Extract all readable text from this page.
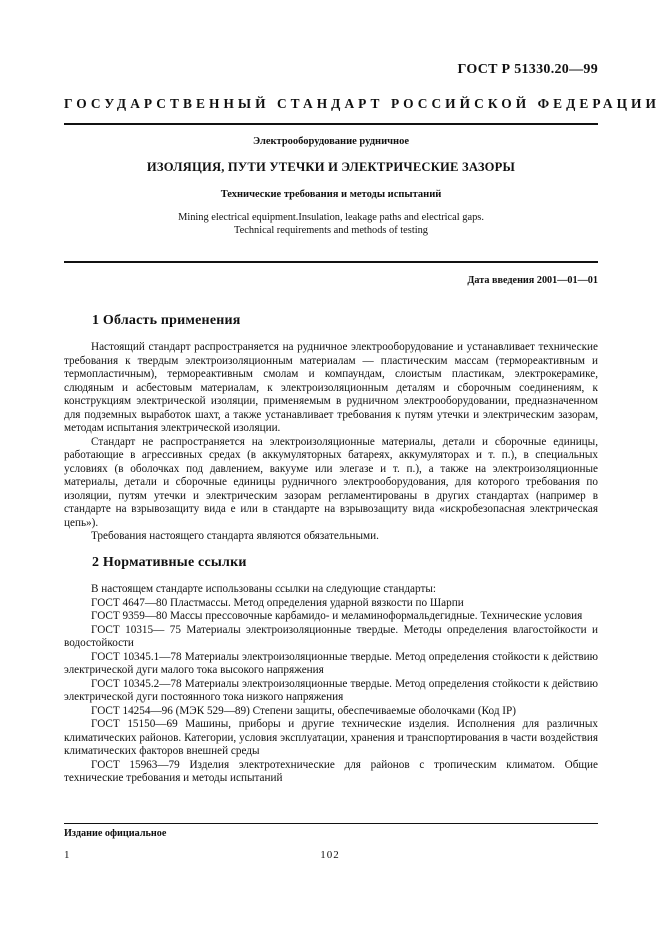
ГОСТ Р 51330.20—99
ГОСУДАРСТВЕННЫЙ СТАНДАРТ РОССИЙСКОЙ ФЕДЕРАЦИИ
Электрооборудование рудничное
ИЗОЛЯЦИЯ, ПУТИ УТЕЧКИ И ЭЛЕКТРИЧЕСКИЕ ЗАЗОРЫ
Технические требования и методы испытаний
Mining electrical equipment.Insulation, leakage paths and electrical gaps.
Technical requirements and methods of testing
Дата введения 2001—01—01
1 Область применения

Настоящий стандарт распространяется на рудничное электрооборудование и устанавливает технические требования к твердым электроизоляционным материалам — пластическим массам (термореактивным и термопластичным), термореактивным смолам и компаундам, слоистым пластикам, электрокерамике, слюдяным и асбестовым материалам, к электроизоляционным деталям и сборочным соединениям, к конструкциям электрической изоляции, применяемым в рудничном электрооборудовании, предназначенном для подземных выработок шахт, а также устанавливает требования к путям утечки и электрическим зазорам, методам испытания электрической изоляции.

Стандарт не распространяется на электроизоляционные материалы, детали и сборочные единицы, работающие в агрессивных средах (в аккумуляторных батареях, аккумуляторах и т. п.), в специальных условиях (в оболочках под давлением, вакууме или элегазе и т. п.), а также на электроизоляционные материалы, детали и сборочные единицы рудничного электрооборудования, для которого требования по изоляции, путям утечки и электрическим зазорам регламентированы в других стандартах (например в стандарте на взрывозащиту вида е или в стандарте на взрывозащиту вида «искробезопасная электрическая цепь»).

Требования настоящего стандарта являются обязательными.

2 Нормативные ссылки

В настоящем стандарте использованы ссылки на следующие стандарты:

ГОСТ 4647—80 Пластмассы. Метод определения ударной вязкости по Шарпи

ГОСТ 9359—80 Массы прессовочные карбамидо- и меламиноформальдегидные. Технические условия

ГОСТ 10315— 75 Материалы электроизоляционные твердые. Методы определения влагостойкости и водостойкости

ГОСТ 10345.1—78 Материалы электроизоляционные твердые. Метод определения стойкости к действию электрической дуги малого тока высокого напряжения

ГОСТ 10345.2—78 Материалы электроизоляционные твердые. Метод определения стойкости к действию электрической дуги постоянного тока низкого напряжения

ГОСТ 14254—96 (МЭК 529—89) Степени защиты, обеспечиваемые оболочками (Код IP)

ГОСТ 15150—69 Машины, приборы и другие технические изделия. Исполнения для различных климатических районов. Категории, условия эксплуатации, хранения и транспортирования в части воздействия климатических факторов внешней среды

ГОСТ 15963—79 Изделия электротехнические для районов с тропическим климатом. Общие технические требования и методы испытаний

Издание официальное
1	102
